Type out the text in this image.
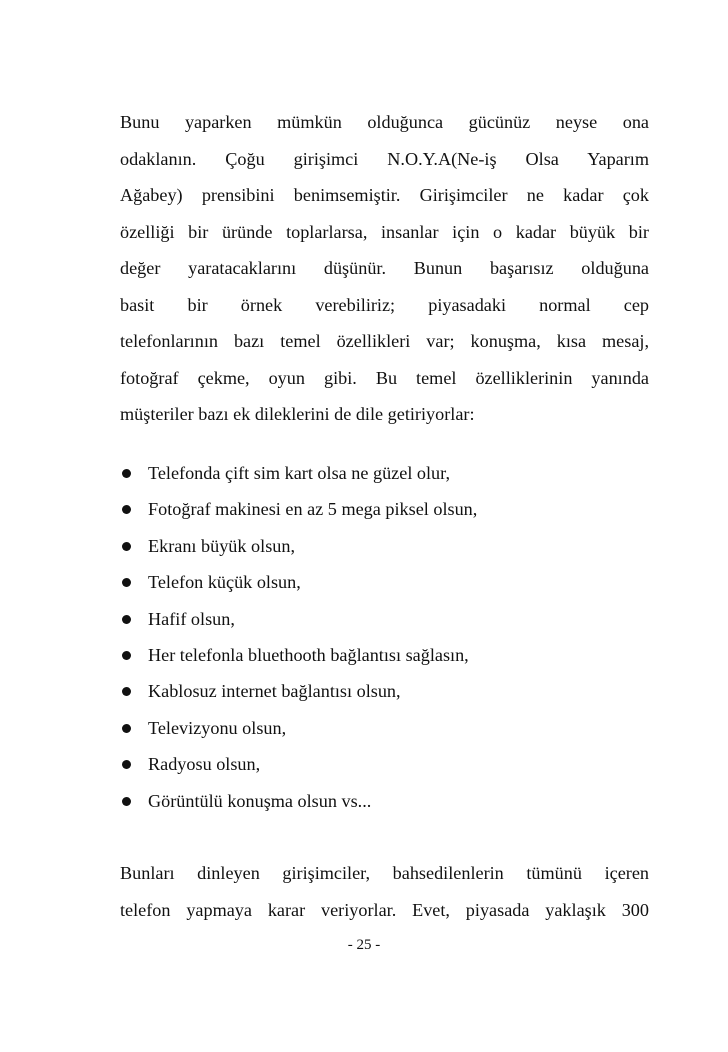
Bunu yaparken mümkün olduğunca gücünüz neyse ona
odaklanın. Çoğu girişimci N.O.Y.A(Ne-iş Olsa Yaparım
Ağabey) prensibini benimsemiştir. Girişimciler ne kadar çok
özelliği bir üründe toplarlarsa, insanlar için o kadar büyük bir
değer yaratacaklarını düşünür. Bunun başarısız olduğuna
basit bir örnek verebiliriz; piyasadaki normal cep
telefonlarının bazı temel özellikleri var; konuşma, kısa mesaj,
fotoğraf çekme, oyun gibi. Bu temel özelliklerinin yanında
müşteriler bazı ek dileklerini de dile getiriyorlar:

Telefonda çift sim kart olsa ne güzel olur,
Fotoğraf makinesi en az 5 mega piksel olsun,
Ekranı büyük olsun,
Telefon küçük olsun,
Hafif olsun,
Her telefonla bluethooth bağlantısı sağlasın,
Kablosuz internet bağlantısı olsun,
Televizyonu olsun,
Radyosu olsun,
Görüntülü konuşma olsun vs...

Bunları dinleyen girişimciler, bahsedilenlerin tümünü içeren
telefon yapmaya karar veriyorlar. Evet, piyasada yaklaşık 300

- 25 -
